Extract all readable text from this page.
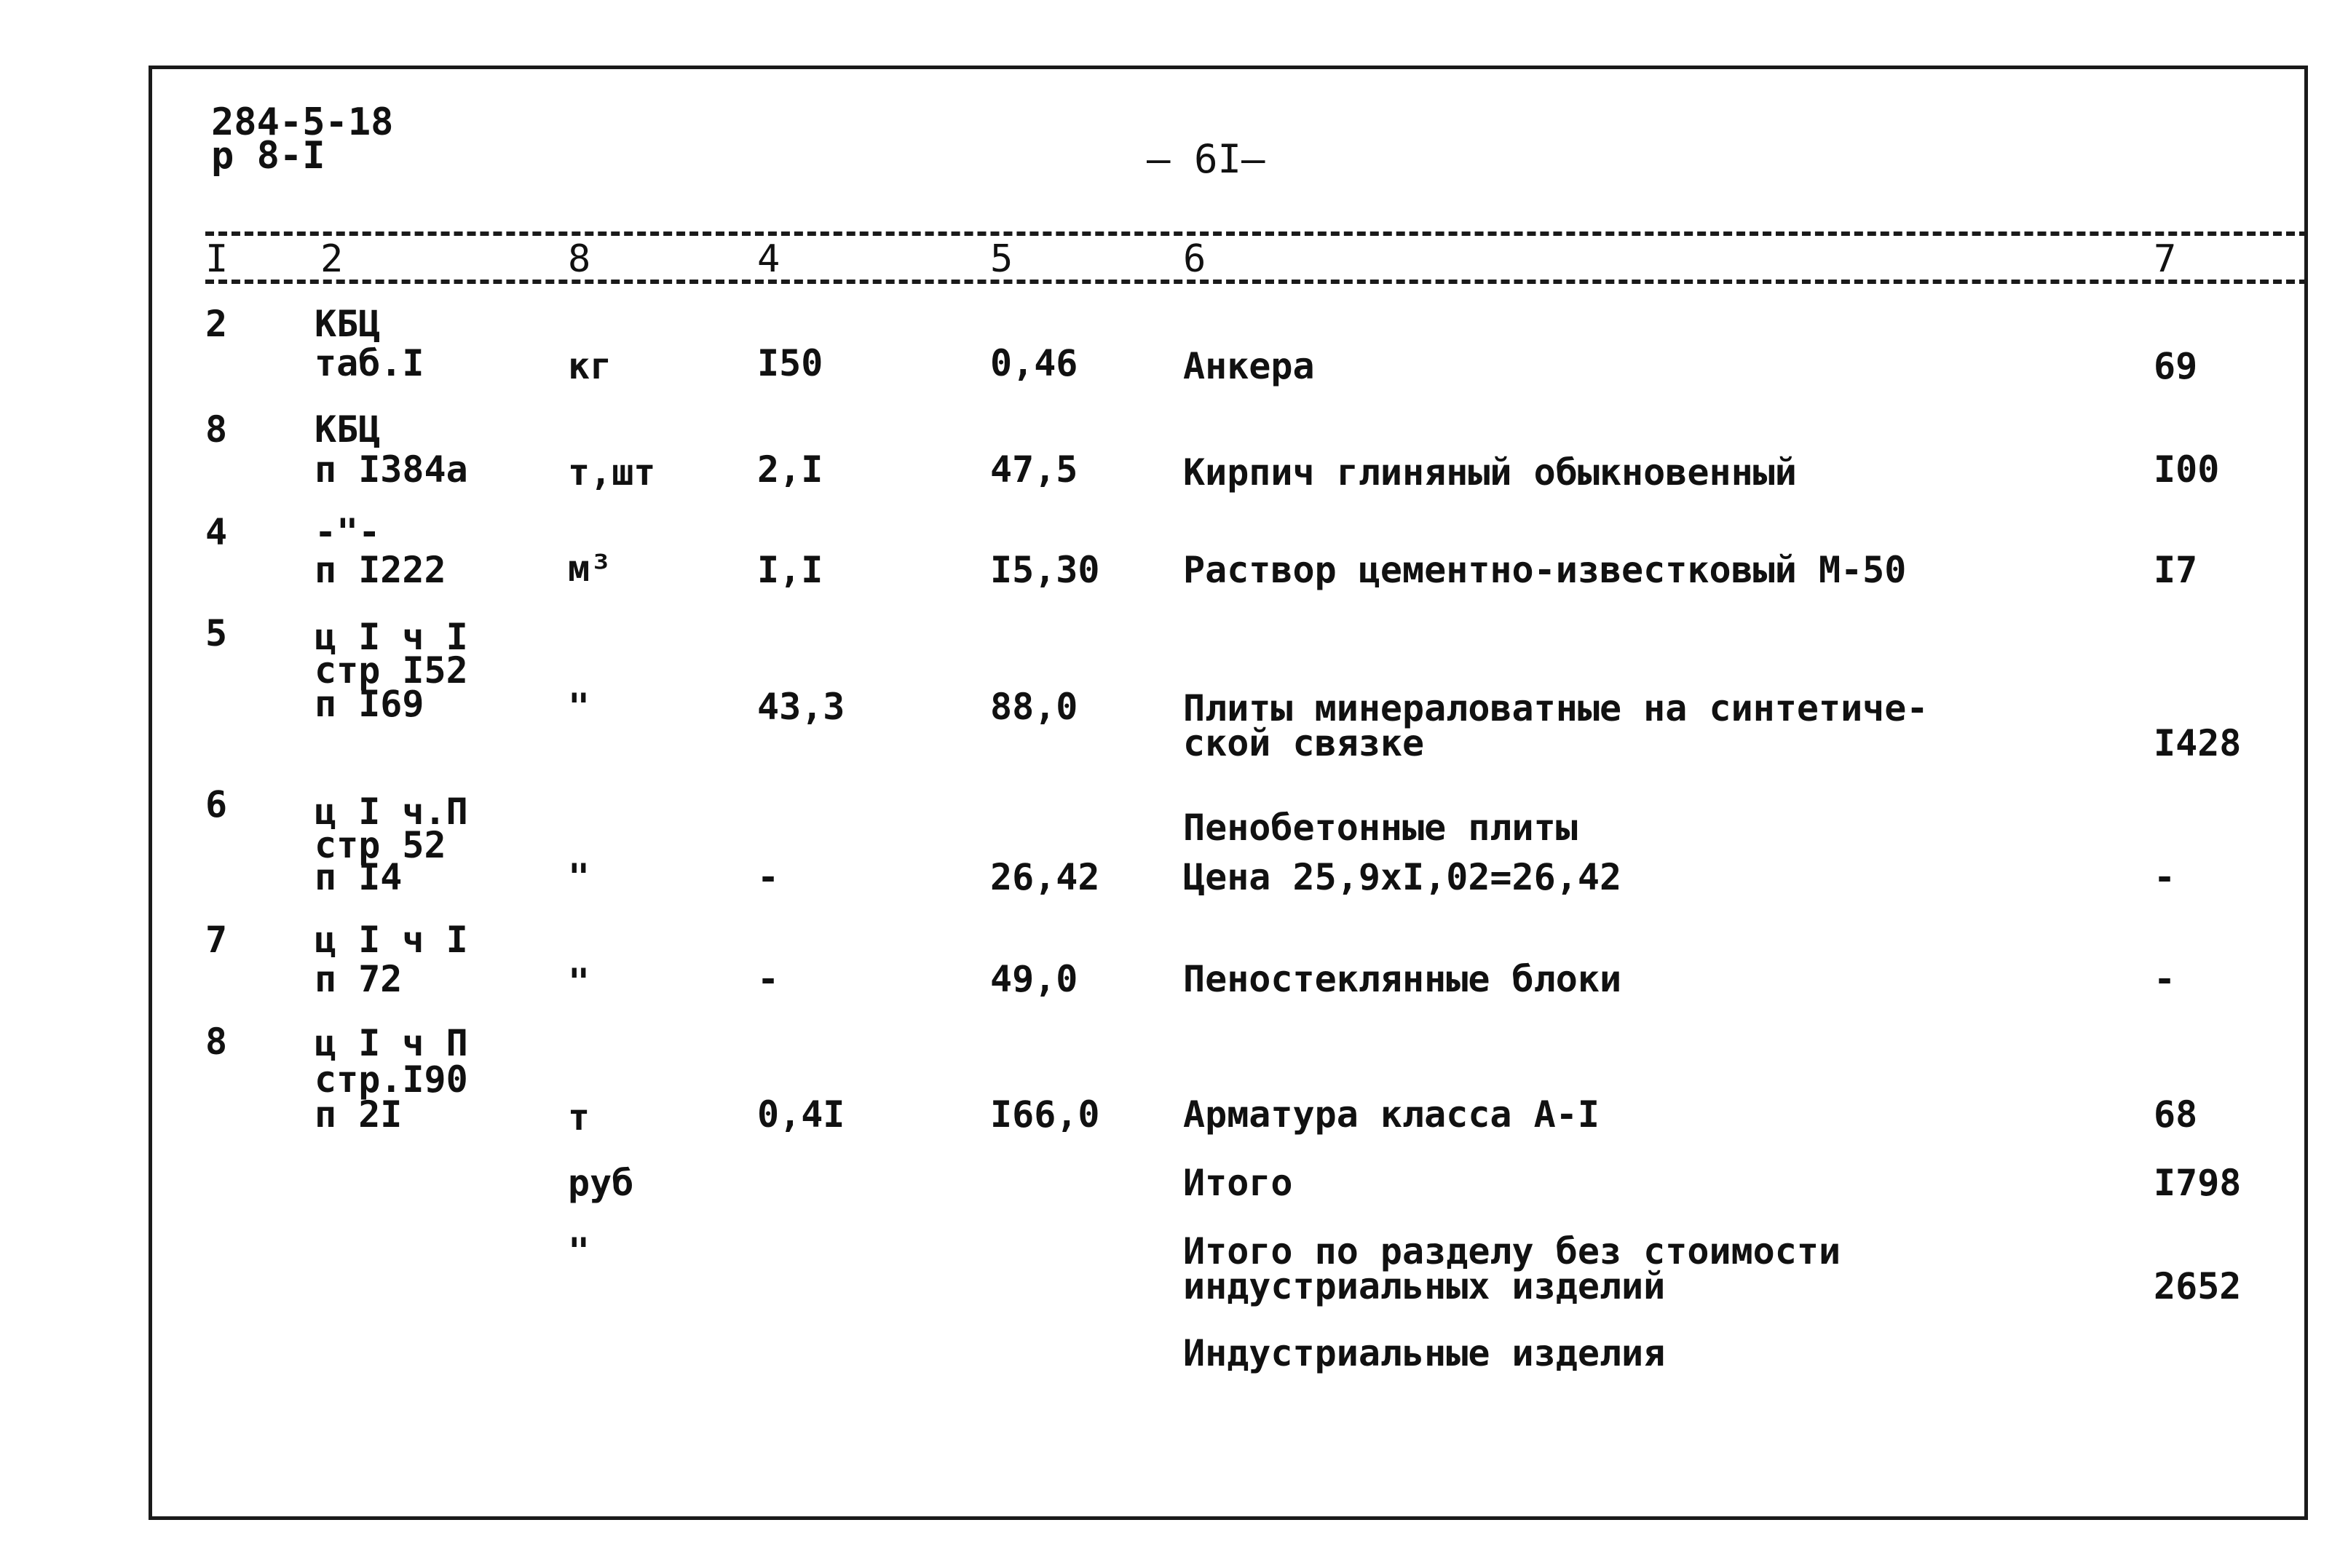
284-5-18
р 8-I	— 6I—
I 2	8	4	5	6	7
2 КБЦ
таб.I	кг	I50	0,46	Анкера	69
8 КБЦ
п I384а	т,шт	2,I	47,5	Кирпич глиняный обыкновенный	I00
4 -"-
п I222	м³	I,I	I5,30 Раствор цементно-известковый М-50	I7
5 ц I ч I
стр I52
п I69	"	43,3	88,0	Плиты минераловатные на синтетиче-
ской связке	I428
6 ц I ч.П
стр 52
п I4	"	-	26,42
Пенобетонные плиты
Цена 25,9хI,02=26,42	-
7 ц I ч I
п 72	"	-	49,0	Пеностеклянные блоки	-
8 ц I ч П
стр.I90
п 2I	т	0,4I	I66,0 Арматура класса А-I	68
руб	Итого	I798
"	Итого по разделу без стоимости
индустриальных изделий	2652
Индустриальные изделия
